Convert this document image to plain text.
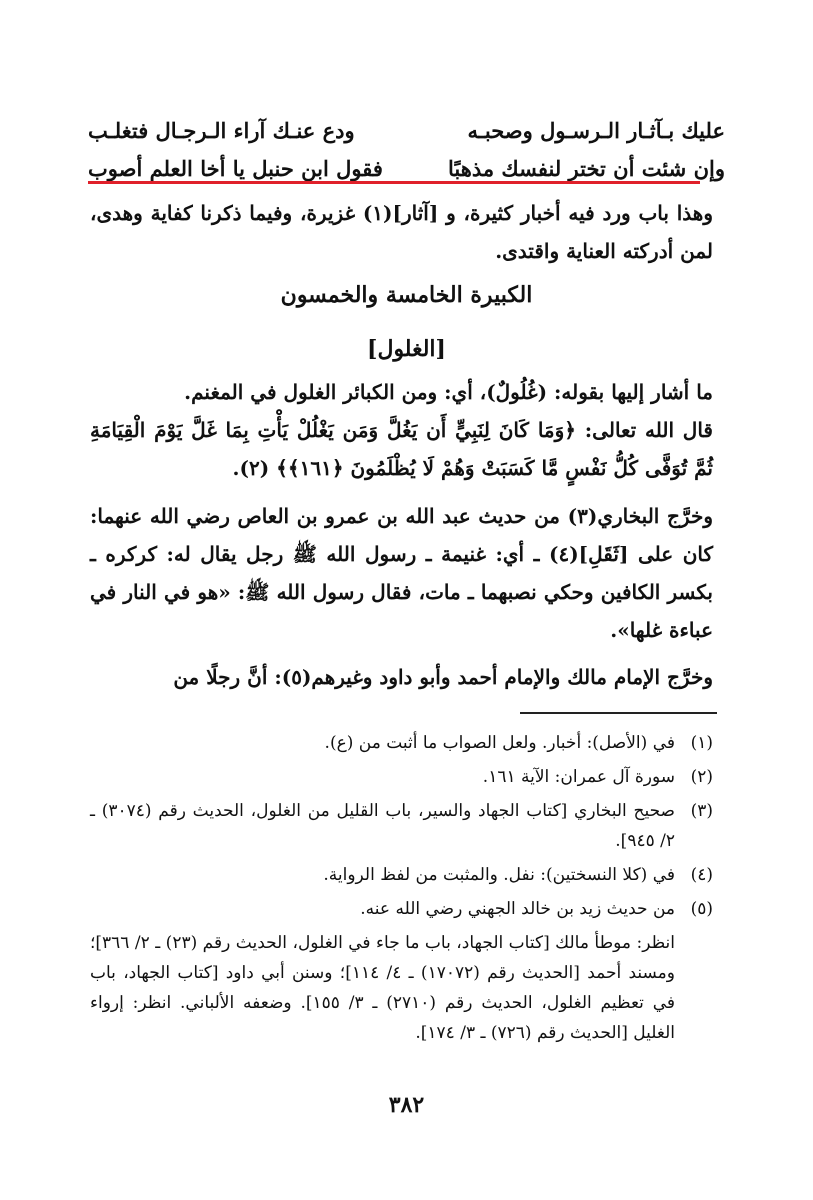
عليك بـآثـار الـرسـول وصحبـه
ودع عنـك آراء الـرجـال فتغلـب
وإن شئت أن تختر لنفسك مذهبًا
فقول ابن حنبل يا أخا العلم أصوب

وهذا باب ورد فيه أخبار كثيرة، و [آثار](١) غزيرة، وفيما ذكرنا كفاية وهدى، لمن أدركته العناية واقتدى.

الكبيرة الخامسة والخمسون
[الغلول]

ما أشار إليها بقوله: (غُلُولٌ)، أي: ومن الكبائر الغلول في المغنم.

قال الله تعالى: ﴿وَمَا كَانَ لِنَبِيٍّ أَن يَغُلَّ وَمَن يَغْلُلْ يَأْتِ بِمَا غَلَّ يَوْمَ الْقِيَامَةِ ثُمَّ تُوَفَّى كُلُّ نَفْسٍ مَّا كَسَبَتْ وَهُمْ لَا يُظْلَمُونَ ﴿١٦١﴾﴾ (٢).

وخرَّج البخاري(٣) من حديث عبد الله بن عمرو بن العاص رضي الله عنهما: كان على [ثَقَلِ](٤) ـ أي: غنيمة ـ رسول الله ﷺ رجل يقال له: كركره ـ بكسر الكافين وحكي نصبهما ـ مات، فقال رسول الله ﷺ: «هو في النار في عباءة غلها».

وخرَّج الإمام مالك والإمام أحمد وأبو داود وغيرهم(٥): أنَّ رجلًا من

(١)
في (الأصل): أخبار. ولعل الصواب ما أثبت من (ع).
(٢)
سورة آل عمران: الآية ١٦١.
(٣)
صحيح البخاري [كتاب الجهاد والسير، باب القليل من الغلول، الحديث رقم (٣٠٧٤) ـ ٢/ ٩٤٥].
(٤)
في (كلا النسختين): نفل. والمثبت من لفظ الرواية.
(٥)
من حديث زيد بن خالد الجهني رضي الله عنه.
انظر: موطأ مالك [كتاب الجهاد، باب ما جاء في الغلول، الحديث رقم (٢٣) ـ ٢/ ٣٦٦]؛ ومسند أحمد [الحديث رقم (١٧٠٧٢) ـ ٤/ ١١٤]؛ وسنن أبي داود [كتاب الجهاد، باب في تعظيم الغلول، الحديث رقم (٢٧١٠) ـ ٣/ ١٥٥]. وضعفه الألباني. انظر: إرواء الغليل [الحديث رقم (٧٢٦) ـ ٣/ ١٧٤].
٣٨٢
